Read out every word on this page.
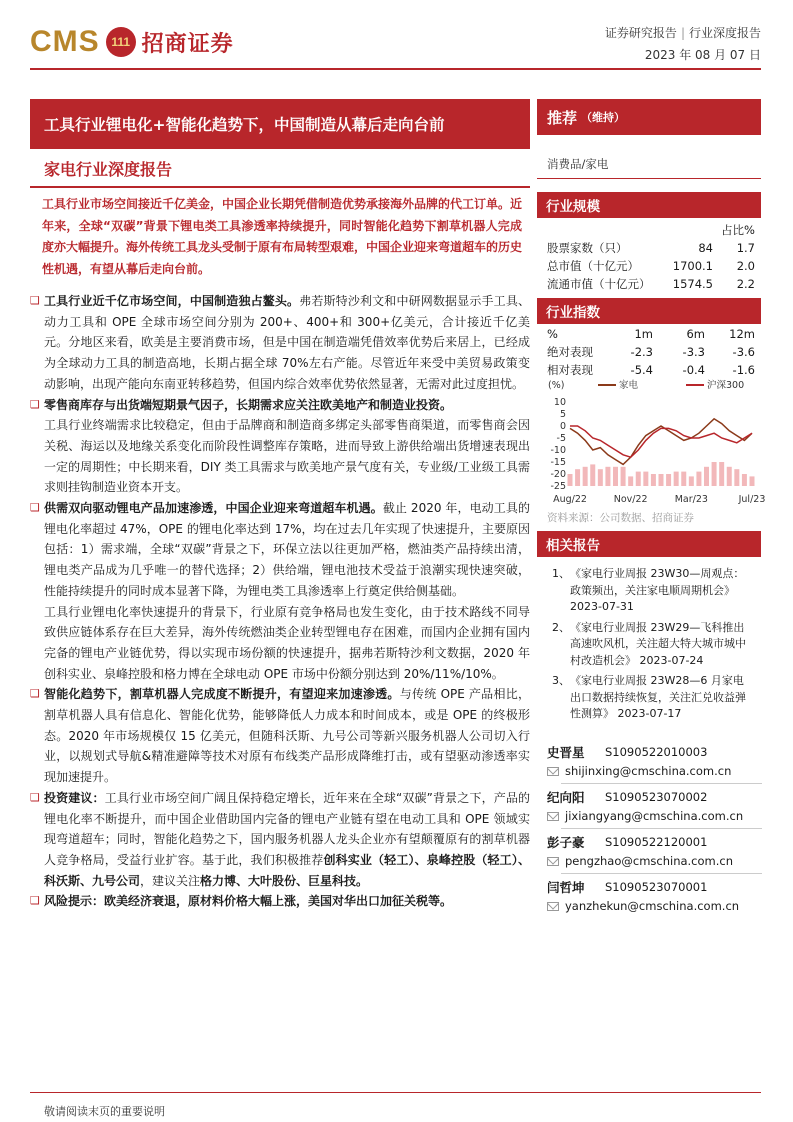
CMS 111 招商证券	证券研究报告 | 行业深度报告
2023 年 08 月 07 日
工具行业锂电化+智能化趋势下，中国制造从幕后走向台前	推荐 （维持）
家电行业深度报告
工具行业市场空间接近千亿美金，中国企业长期凭借制造优势承接海外品牌的代工订单。近年来，全球“双碳”背景下锂电类工具渗透率持续提升，同时智能化趋势下割草机器人完成度亦大幅提升。海外传统工具龙头受制于原有布局转型艰难，中国企业迎来弯道超车的历史性机遇，有望从幕后走向台前。
❑ 工具行业近千亿市场空间，中国制造独占鳌头。弗若斯特沙利文和中研网数据显示手工具、动力工具和 OPE 全球市场空间分别为 200+、400+和 300+亿美元，合计接近千亿美元。分地区来看，欧美是主要消费市场，但是中国在制造端凭借效率优势后来居上，已经成为全球动力工具的制造高地，长期占据全球 70%左右产能。尽管近年来受中美贸易政策变动影响，出现产能向东南亚转移趋势，但国内综合效率优势依然显著，无需对此过度担忧。
❑ 零售商库存与出货端短期景气因子，长期需求应关注欧美地产和制造业投资。
工具行业终端需求比较稳定，但由于品牌商和制造商多绑定头部零售商渠道，而零售商会因关税、海运以及地缘关系变化而阶段性调整库存策略，进而导致上游供给端出货增速表现出一定的周期性；中长期来看，DIY 类工具需求与欧美地产景气度有关，专业级/工业级工具需求则挂钩制造业资本开支。
❑ 供需双向驱动锂电产品加速渗透，中国企业迎来弯道超车机遇。截止 2020 年，电动工具的锂电化率超过 47%，OPE 的锂电化率达到 17%，均在过去几年实现了快速提升，主要原因包括：1）需求端，全球“双碳”背景之下，环保立法以往更加严格，燃油类产品持续出清，锂电类产品成为几乎唯一的替代选择；2）供给端，锂电池技术受益于浪潮实现快速突破，性能持续提升的同时成本显著下降，为锂电类工具渗透率上行奠定供给侧基础。
工具行业锂电化率快速提升的背景下，行业原有竞争格局也发生变化，由于技术路线不同导致供应链体系存在巨大差异，海外传统燃油类企业转型锂电存在困难，而国内企业拥有国内完备的锂电产业链优势，得以实现市场份额的快速提升，据弗若斯特沙利文数据，2020 年创科实业、泉峰控股和格力博在全球电动 OPE 市场中份额分别达到 20%/11%/10%。
❑ 智能化趋势下，割草机器人完成度不断提升，有望迎来加速渗透。与传统 OPE 产品相比，割草机器人具有信息化、智能化优势，能够降低人力成本和时间成本，或是 OPE 的终极形态。2020 年市场规模仅 15 亿美元，但随科沃斯、九号公司等新兴服务机器人公司切入行业，以规划式导航&精准避障等技术对原有布线类产品形成降维打击，或有望驱动渗透率实现加速提升。
❑ 投资建议：工具行业市场空间广阔且保持稳定增长，近年来在全球“双碳”背景之下，产品的锂电化率不断提升，而中国企业借助国内完备的锂电产业链有望在电动工具和 OPE 领域实现弯道超车；同时，智能化趋势之下，国内服务机器人龙头企业亦有望颠覆原有的割草机器人竞争格局，受益行业扩容。基于此，我们积极推荐创科实业（轻工）、泉峰控股（轻工）、科沃斯、九号公司，建议关注格力博、大叶股份、巨星科技。
❑ 风险提示：欧美经济衰退，原材料价格大幅上涨，美国对华出口加征关税等。
消费品/家电
行业规模
		占比%
股票家数（只）	84	1.7
总市值（十亿元）	1700.1	2.0
流通市值（十亿元）	1574.5	2.2
行业指数
%	1m	6m	12m
绝对表现	-2.3	-3.3	-3.6
相对表现	-5.4	-0.4	-1.6
(%)	家电	沪深300
10
5
0
-5
-10
-15
-20
-25
Aug/22	Nov/22	Mar/23	Jul/23
资料来源：公司数据、招商证券
相关报告
1、 《家电行业周报 23W30—周观点：政策频出，关注家电顺周期机会》
2023-07-31
2、 《家电行业周报 23W29—飞科推出高速吹风机，关注超大特大城市城中村改造机会》 2023-07-24
3、 《家电行业周报 23W28—6 月家电出口数据持续恢复，关注汇兑收益弹性测算》 2023-07-17
史晋星	S1090522010003
shijinxing@cmschina.com.cn
纪向阳	S1090523070002
jixiangyang@cmschina.com.cn
彭子豪	S1090522120001
pengzhao@cmschina.com.cn
闫哲坤	S1090523070001
yanzhekun@cmschina.com.cn
敬请阅读末页的重要说明
